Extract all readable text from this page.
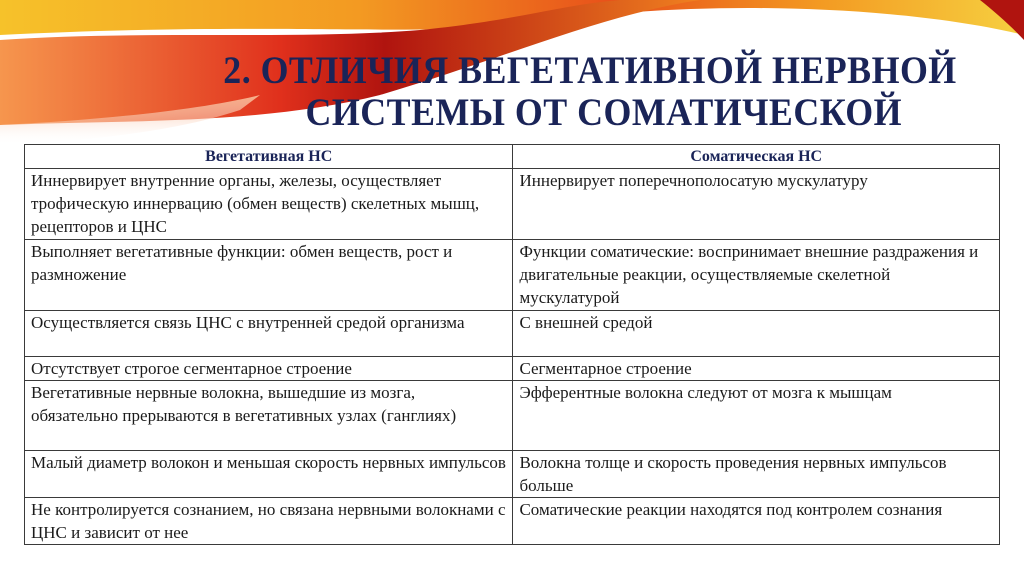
2. ОТЛИЧИЯ ВЕГЕТАТИВНОЙ НЕРВНОЙ
СИСТЕМЫ ОТ СОМАТИЧЕСКОЙ
Вегетативная НС	Соматическая НС
Иннервирует внутренние органы, железы, осуществляет трофическую иннервацию (обмен веществ) скелетных мышц, рецепторов и ЦНС	Иннервирует поперечнополосатую мускулатуру
Выполняет вегетативные функции: обмен веществ, рост и размножение	Функции соматические: воспринимает внешние раздражения и двигательные реакции, осуществляемые скелетной мускулатурой
Осуществляется связь ЦНС с внутренней средой организма	С внешней средой
Отсутствует строгое сегментарное строение	Сегментарное строение
Вегетативные нервные волокна, вышедшие из мозга, обязательно прерываются в вегетативных узлах (ганглиях)	Эфферентные волокна следуют от мозга к мышцам
Малый диаметр волокон и меньшая скорость нервных импульсов	Волокна толще и скорость проведения нервных импульсов больше
Не контролируется сознанием, но связана нервными волокнами с ЦНС и зависит от нее	Соматические реакции находятся под контролем сознания
